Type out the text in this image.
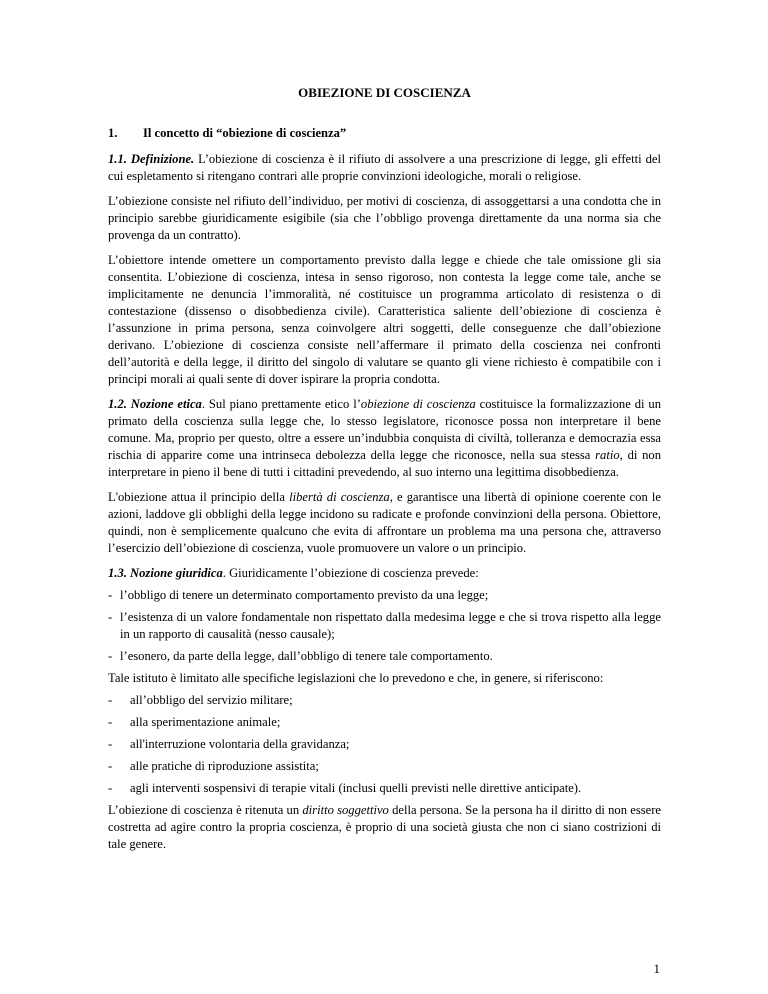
OBIEZIONE DI COSCIENZA
1. Il concetto di “obiezione di coscienza”

1.1. Definizione. L’obiezione di coscienza è il rifiuto di assolvere a una prescrizione di legge, gli effetti del cui espletamento si ritengano contrari alle proprie convinzioni ideologiche, morali o religiose.

L’obiezione consiste nel rifiuto dell’individuo, per motivi di coscienza, di assoggettarsi a una condotta che in principio sarebbe giuridicamente esigibile (sia che l’obbligo provenga direttamente da una norma sia che provenga da un contratto).

L’obiettore intende omettere un comportamento previsto dalla legge e chiede che tale omissione gli sia consentita. L’obiezione di coscienza, intesa in senso rigoroso, non contesta la legge come tale, anche se implicitamente ne denuncia l’immoralità, né costituisce un programma articolato di resistenza o di contestazione (dissenso o disobbedienza civile). Caratteristica saliente dell’obiezione di coscienza è l’assunzione in prima persona, senza coinvolgere altri soggetti, delle conseguenze che dall’obiezione derivano. L’obiezione di coscienza consiste nell’affermare il primato della coscienza nei confronti dell’autorità e della legge, il diritto del singolo di valutare se quanto gli viene richiesto è compatibile con i principi morali ai quali sente di dover ispirare la propria condotta.

1.2. Nozione etica. Sul piano prettamente etico l’obiezione di coscienza costituisce la formalizzazione di un primato della coscienza sulla legge che, lo stesso legislatore, riconosce possa non interpretare il bene comune. Ma, proprio per questo, oltre a essere un’indubbia conquista di civiltà, tolleranza e democrazia essa rischia di apparire come una intrinseca debolezza della legge che riconosce, nella sua stessa ratio, di non interpretare in pieno il bene di tutti i cittadini prevedendo, al suo interno una legittima disobbedienza.

L'obiezione attua il principio della libertà di coscienza, e garantisce una libertà di opinione coerente con le azioni, laddove gli obblighi della legge incidono su radicate e profonde convinzioni della persona. Obiettore, quindi, non è semplicemente qualcuno che evita di affrontare un problema ma una persona che, attraverso l’esercizio dell’obiezione di coscienza, vuole promuovere un valore o un principio.

1.3. Nozione giuridica. Giuridicamente l’obiezione di coscienza prevede:

- l’obbligo di tenere un determinato comportamento previsto da una legge;
- l’esistenza di un valore fondamentale non rispettato dalla medesima legge e che si trova rispetto alla legge in un rapporto di causalità (nesso causale);
- l’esonero, da parte della legge, dall’obbligo di tenere tale comportamento.

Tale istituto è limitato alle specifiche legislazioni che lo prevedono e che, in genere, si riferiscono:

-	all’obbligo del servizio militare;
-	alla sperimentazione animale;
-	all'interruzione volontaria della gravidanza;
-	alle pratiche di riproduzione assistita;
-	agli interventi sospensivi di terapie vitali (inclusi quelli previsti nelle direttive anticipate).

L’obiezione di coscienza è ritenuta un diritto soggettivo della persona. Se la persona ha il diritto di non essere costretta ad agire contro la propria coscienza, è proprio di una società giusta che non ci siano costrizioni di tale genere.

1
